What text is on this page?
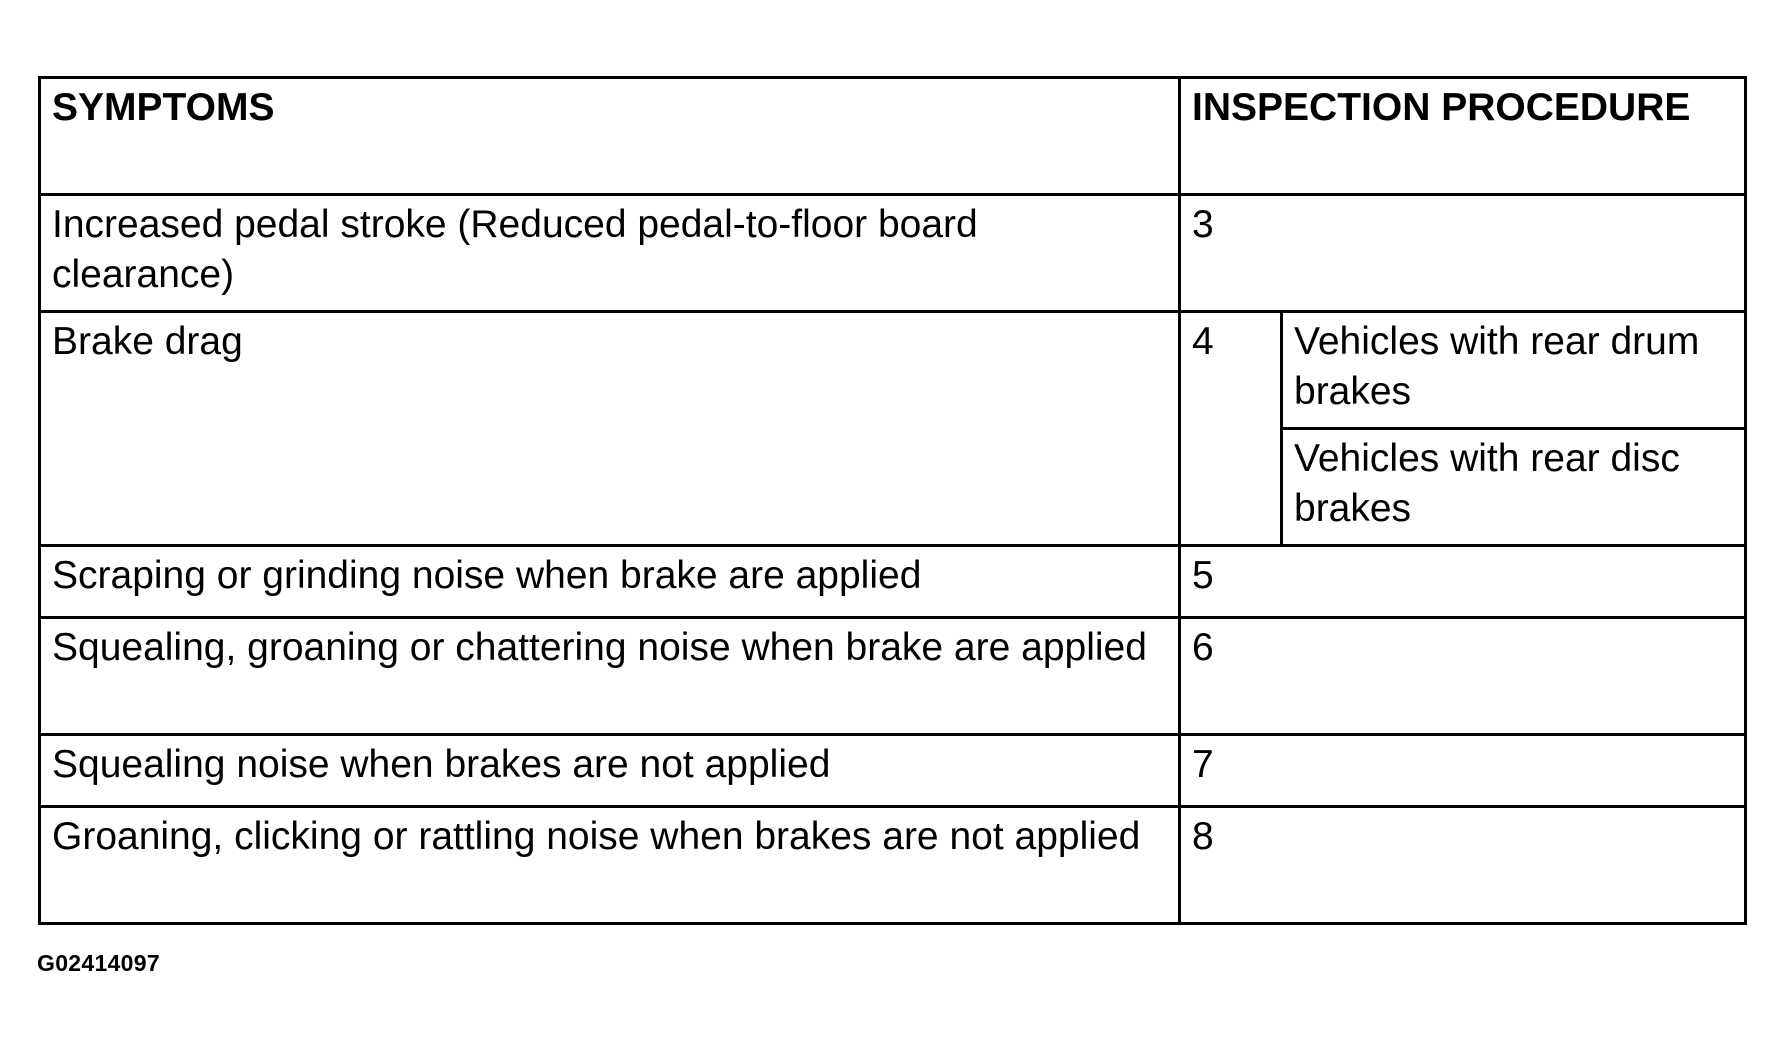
SYMPTOMS	INSPECTION PROCEDURE	
Increased pedal stroke (Reduced pedal-to-floor board clearance)	3	
Brake drag	4	Vehicles with rear drum brakes
		Vehicles with rear disc brakes
Scraping or grinding noise when brake are applied	5	
Squealing, groaning or chattering noise when brake are applied	6	
Squealing noise when brakes are not applied	7	
Groaning, clicking or rattling noise when brakes are not applied	8	
G02414097
